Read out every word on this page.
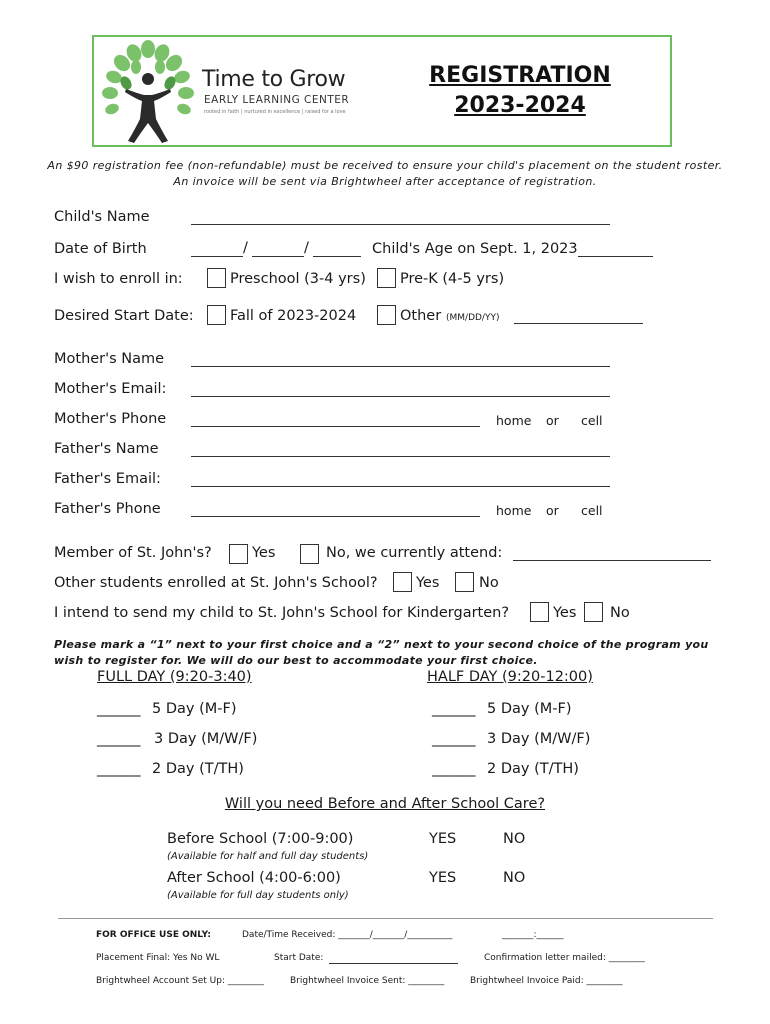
Time to Grow
EARLY LEARNING CENTER
rooted in faith | nurtured in excellence | raised for a love
REGISTRATION
2023-2024
An $90 registration fee (non-refundable) must be received to ensure your child's placement on the student roster.
An invoice will be sent via Brightwheel after acceptance of registration.
Child's Name
Date of Birth	/	/	Child's Age on Sept. 1, 2023
I wish to enroll in:	Preschool (3-4 yrs) Pre-K (4-5 yrs)
Desired Start Date:	Fall of 2023-2024	Other (MM/DD/YY)
Mother's Name
Mother's Email:
Mother's Phone	home or cell
Father's Name
Father's Email:
Father's Phone	home or cell
Member of St. John's?	Yes	No, we currently attend:
Other students enrolled at St. John's School?	Yes	No
I intend to send my child to St. John's School for Kindergarten?	Yes No
Please mark a “1” next to your first choice and a “2” next to your second choice of the program you wish to register for. We will do our best to accommodate your first choice.
FULL DAY (9:20-3:40)	HALF DAY (9:20-12:00)
______ 5 Day (M-F)	______ 5 Day (M-F)
______ 3 Day (M/W/F)	______ 3 Day (M/W/F)
______ 2 Day (T/TH)	______ 2 Day (T/TH)
Will you need Before and After School Care?
Before School (7:00-9:00)	YES	NO
(Available for half and full day students)
After School (4:00-6:00)	YES	NO
(Available for full day students only)
FOR OFFICE USE ONLY:	Date/Time Received: _______/_______/__________	_______:______
Placement Final: Yes No WL	Start Date:	Confirmation letter mailed: ________
Brightwheel Account Set Up: ________	Brightwheel Invoice Sent: ________	Brightwheel Invoice Paid: ________
